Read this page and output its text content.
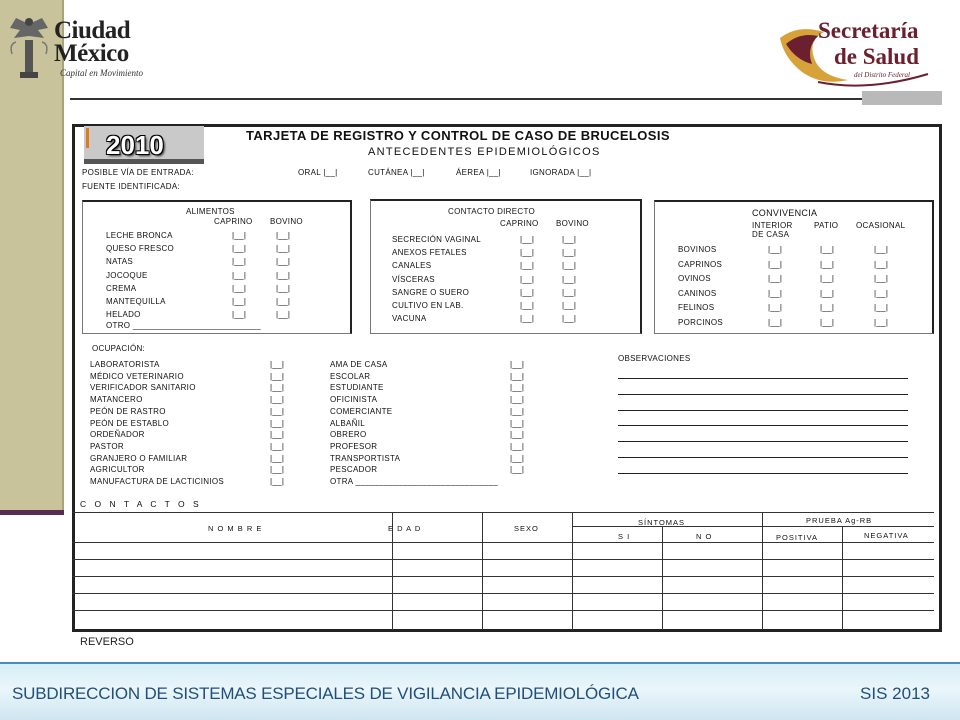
Ciudad
México
Capital en Movimiento
Secretaría
de Salud
del Distrito Federal
2010	TARJETA DE REGISTRO Y CONTROL DE CASO DE BRUCELOSIS
ANTECEDENTES EPIDEMIOLÓGICOS
POSIBLE VÍA DE ENTRADA:	ORAL |__|	CUTÁNEA |__|	ÁEREA |__|	IGNORADA |__|
FUENTE IDENTIFICADA:
ALIMENTOS
CAPRINO BOVINO
LECHE BRONCA	|__|	|__|
QUESO FRESCO	|__|	|__|
NATAS	|__|	|__|
JOCOQUE	|__|	|__|
CREMA	|__|	|__|
MANTEQUILLA	|__|	|__|
HELADO	|__|	|__|
OTRO ___________________________
CONTACTO DIRECTO
CAPRINO BOVINO
SECRECIÓN VAGINAL	|__|	|__|
ANEXOS FETALES	|__|	|__|
CANALES	|__|	|__|
VÍSCERAS	|__|	|__|
SANGRE O SUERO	|__|	|__|
CULTIVO EN LAB.	|__|	|__|
VACUNA	|__|	|__|
CONVIVENCIA
INTERIOR DE CASA
PATIO OCASIONAL
BOVINOS	|__|	|__|	|__|
CAPRINOS	|__|	|__|	|__|
OVINOS	|__|	|__|	|__|
CANINOS	|__|	|__|	|__|
FELINOS	|__|	|__|	|__|
PORCINOS	|__|	|__|	|__|
OCUPACIÓN:
LABORATORISTA	|__|
MÉDICO VETERINARIO	|__|
VERIFICADOR SANITARIO	|__|
MATANCERO	|__|
PEÓN DE RASTRO	|__|
PEÓN DE ESTABLO	|__|
ORDEÑADOR	|__|
PASTOR	|__|
GRANJERO O FAMILIAR	|__|
AGRICULTOR	|__|
MANUFACTURA DE LACTICINIOS	|__|
AMA DE CASA	|__|
ESCOLAR	|__|
ESTUDIANTE	|__|
OFICINISTA	|__|
COMERCIANTE	|__|
ALBAÑIL	|__|
OBRERO	|__|
PROFESOR	|__|
TRANSPORTISTA	|__|
PESCADOR	|__|
OTRA ______________________________
OBSERVACIONES
C O N T A C T O S
N O M B R E	E D A D	SEXO
SÍNTOMAS
S I	N O
PRUEBA Ag-RB
POSITIVA	NEGATIVA
REVERSO
SUBDIRECCION DE SISTEMAS ESPECIALES DE VIGILANCIA EPIDEMIOLÓGICA	SIS 2013
